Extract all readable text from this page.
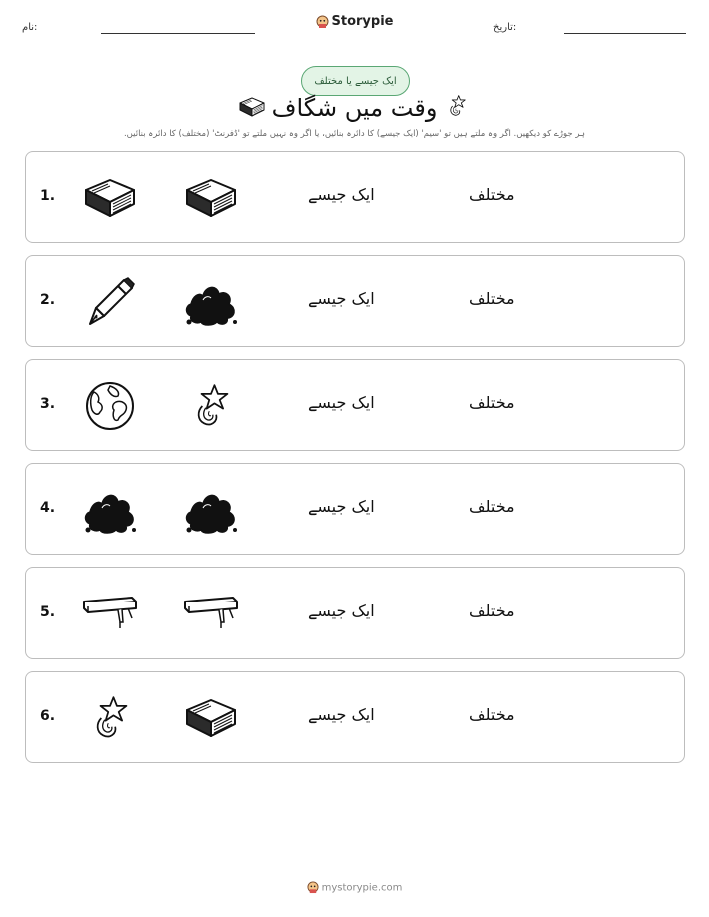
نام:	Storypie	تاریخ:
ایک جیسے یا مختلف
وقت میں شگاف
ہر جوڑے کو دیکھیں. اگر وہ ملتے ہیں تو 'سیم' (ایک جیسے) کا دائرہ بنائیں، یا اگر وہ نہیں ملتے تو 'ڈفرنٹ' (مختلف) کا دائرہ بنائیں.
1.	ایک جیسے	مختلف
2.	ایک جیسے	مختلف
3.	ایک جیسے	مختلف
4.	ایک جیسے	مختلف
5.	ایک جیسے	مختلف
6.	ایک جیسے	مختلف
mystorypie.com
